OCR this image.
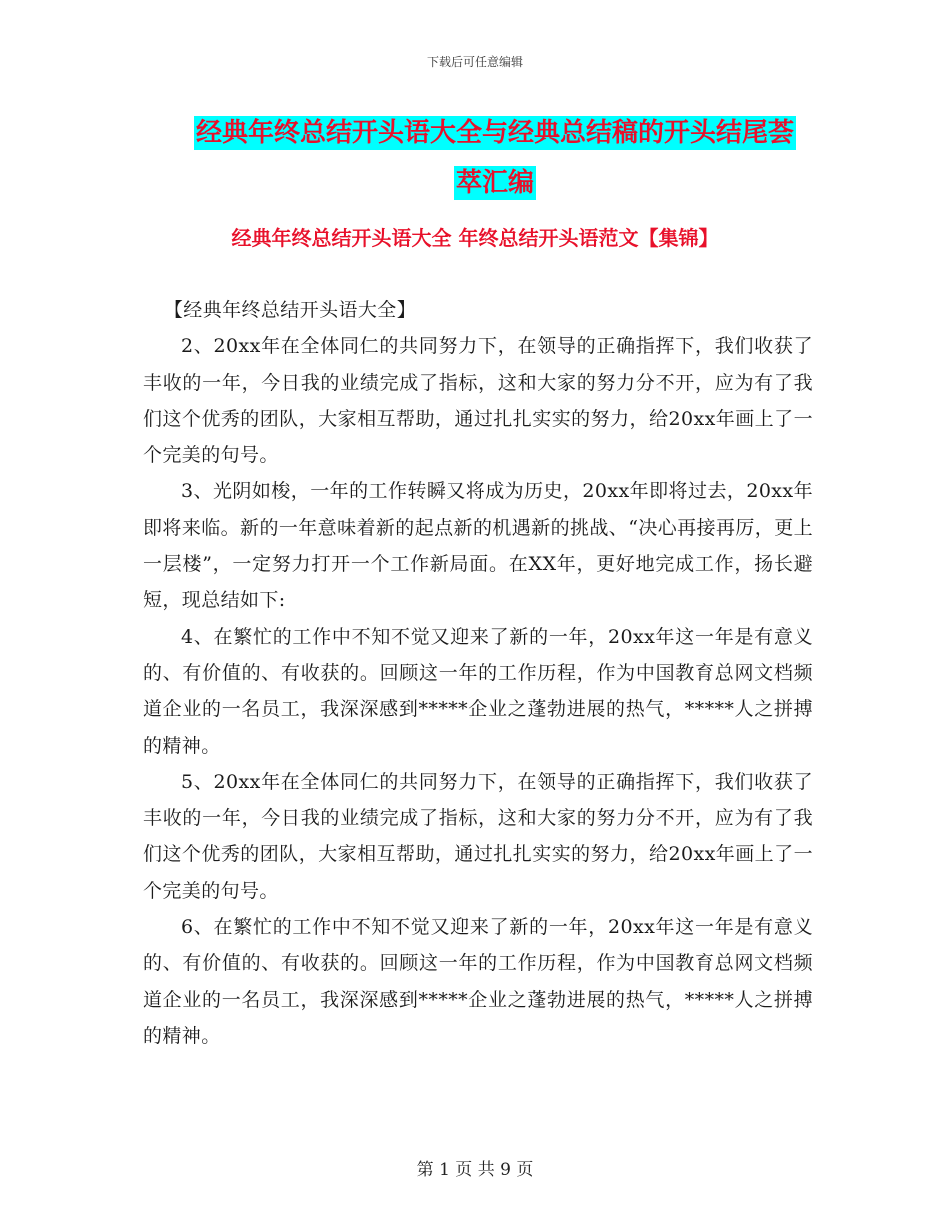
下载后可任意编辑
经典年终总结开头语大全与经典总结稿的开头结尾荟
萃汇编
经典年终总结开头语大全 年终总结开头语范文【集锦】

【经典年终总结开头语大全】

2、20xx年在全体同仁的共同努力下，在领导的正确指挥下，我们收获了丰收的一年，今日我的业绩完成了指标，这和大家的努力分不开，应为有了我们这个优秀的团队，大家相互帮助，通过扎扎实实的努力，给20xx年画上了一个完美的句号。

3、光阴如梭，一年的工作转瞬又将成为历史，20xx年即将过去，20xx年即将来临。新的一年意味着新的起点新的机遇新的挑战、“决心再接再厉，更上一层楼”，一定努力打开一个工作新局面。在XX年，更好地完成工作，扬长避短，现总结如下:

4、在繁忙的工作中不知不觉又迎来了新的一年，20xx年这一年是有意义的、有价值的、有收获的。回顾这一年的工作历程，作为中国教育总网文档频道企业的一名员工，我深深感到*****企业之蓬勃进展的热气，*****人之拼搏的精神。

5、20xx年在全体同仁的共同努力下，在领导的正确指挥下，我们收获了丰收的一年，今日我的业绩完成了指标，这和大家的努力分不开，应为有了我们这个优秀的团队，大家相互帮助，通过扎扎实实的努力，给20xx年画上了一个完美的句号。

6、在繁忙的工作中不知不觉又迎来了新的一年，20xx年这一年是有意义的、有价值的、有收获的。回顾这一年的工作历程，作为中国教育总网文档频道企业的一名员工，我深深感到*****企业之蓬勃进展的热气，*****人之拼搏的精神。

第 1 页 共 9 页
